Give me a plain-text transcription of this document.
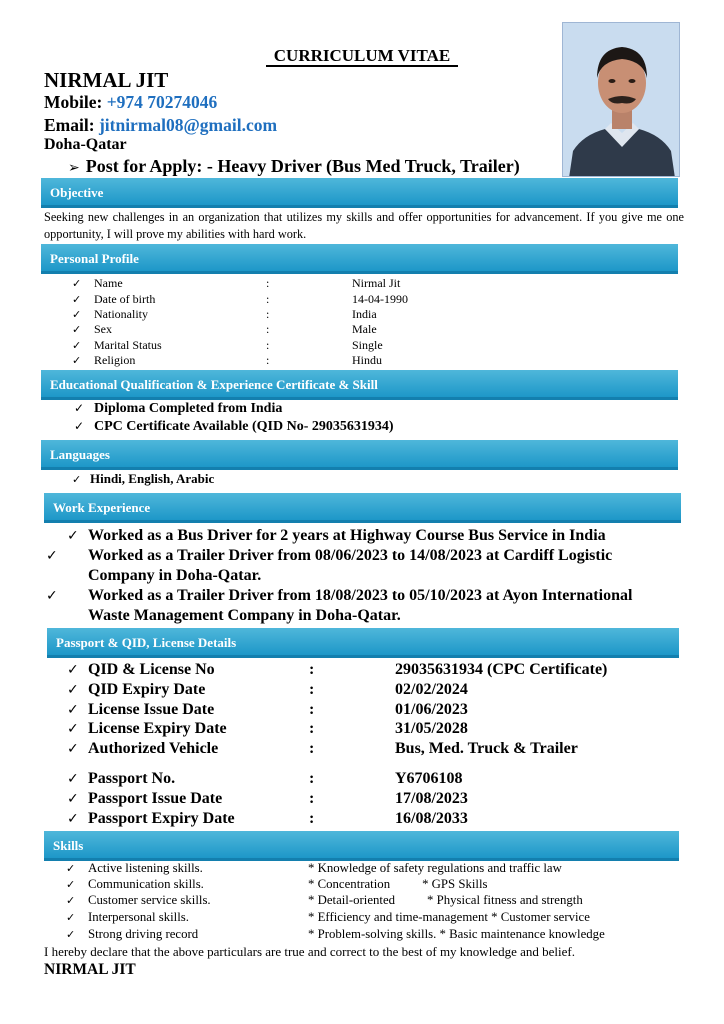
CURRICULUM VITAE
NIRMAL JIT
Mobile: +974 70274046
Email: jitnirmal08@gmail.com
Doha-Qatar
➢ Post for Apply: - Heavy Driver (Bus Med Truck, Trailer)
Objective
Seeking new challenges in an organization that utilizes my skills and offer opportunities for advancement. If you give me one opportunity, I will prove my abilities with hard work.
Personal Profile
✓	Name	:	Nirmal Jit
✓	Date of birth	:	14-04-1990
✓	Nationality	:	India
✓	Sex	:	Male
✓	Marital Status	:	Single
✓	Religion	:	Hindu
Educational Qualification & Experience Certificate & Skill
✓ Diploma Completed from India
✓ CPC Certificate Available (QID No- 29035631934)
Languages
✓ Hindi, English, Arabic
Work Experience
✓ Worked as a Bus Driver for 2 years at Highway Course Bus Service in India
✓ Worked as a Trailer Driver from 08/06/2023 to 14/08/2023 at Cardiff Logistic Company in Doha-Qatar.
✓ Worked as a Trailer Driver from 18/08/2023 to 05/10/2023 at Ayon International Waste Management Company in Doha-Qatar.
Passport & QID, License Details
✓ QID & License No	:	29035631934 (CPC Certificate)
✓ QID Expiry Date	:	02/02/2024
✓ License Issue Date	:	01/06/2023
✓ License Expiry Date	:	31/05/2028
✓ Authorized Vehicle	:	Bus, Med. Truck & Trailer
✓ Passport No.	:	Y6706108
✓ Passport Issue Date	:	17/08/2023
✓ Passport Expiry Date	:	16/08/2033
Skills
✓ Active listening skills.	* Knowledge of safety regulations and traffic law
✓ Communication skills.	* Concentration          * GPS Skills
✓ Customer service skills.	* Detail-oriented          * Physical fitness and strength
✓ Interpersonal skills.	* Efficiency and time-management * Customer service
✓ Strong driving record	* Problem-solving skills. * Basic maintenance knowledge
I hereby declare that the above particulars are true and correct to the best of my knowledge and belief.
NIRMAL JIT
